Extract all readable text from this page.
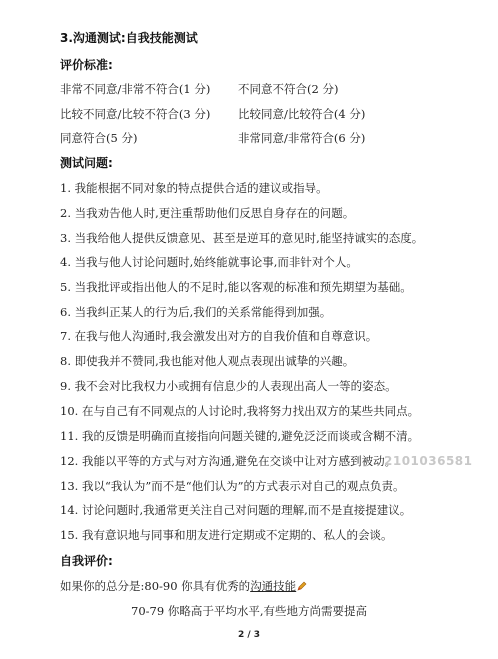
3.沟通测试:自我技能测试
评价标准:
非常不同意/非常不符合(1 分) 不同意不符合(2 分)
比较不同意/比较不符合(3 分) 比较同意/比较符合(4 分)
同意符合(5 分)	非常同意/非常符合(6 分)
测试问题:
1. 我能根据不同对象的特点提供合适的建议或指导。
2. 当我劝告他人时,更注重帮助他们反思自身存在的问题。
3. 当我给他人提供反馈意见、甚至是逆耳的意见时,能坚持诚实的态度。
4. 当我与他人讨论问题时,始终能就事论事,而非针对个人。
5. 当我批评或指出他人的不足时,能以客观的标准和预先期望为基础。
6. 当我纠正某人的行为后,我们的关系常能得到加强。
7. 在我与他人沟通时,我会激发出对方的自我价值和自尊意识。
8. 即使我并不赞同,我也能对他人观点表现出诚挚的兴趣。
9. 我不会对比我权力小或拥有信息少的人表现出高人一等的姿态。
10. 在与自己有不同观点的人讨论时,我将努力找出双方的某些共同点。
11. 我的反馈是明确而直接指向问题关键的,避免泛泛而谈或含糊不清。
12. 我能以平等的方式与对方沟通,避免在交谈中让对方感到被动。
13. 我以“我认为”而不是“他们认为”的方式表示对自己的观点负责。
14. 讨论问题时,我通常更关注自己对问题的理解,而不是直接提建议。
15. 我有意识地与同事和朋友进行定期或不定期的、私人的会谈。
2101036581
自我评价:
如果你的总分是:80-90 你具有优秀的沟通技能
70-79 你略高于平均水平,有些地方尚需要提高
2 / 3
